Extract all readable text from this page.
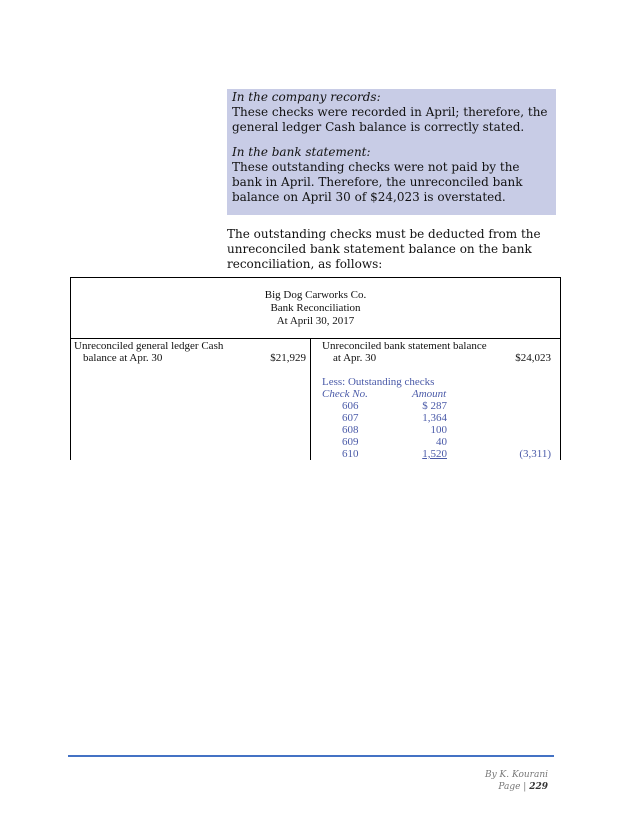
In the company records:

These checks were recorded in April; therefore, the general ledger Cash balance is correctly stated.

In the bank statement:

These outstanding checks were not paid by the bank in April. Therefore, the unreconciled bank balance on April 30 of $24,023 is overstated.

The outstanding checks must be deducted from the unreconciled bank statement balance on the bank reconciliation, as follows:

Big Dog Carworks Co.
Bank Reconciliation
At April 30, 2017
Unreconciled general ledger Cash
balance at Apr. 30	$21,929
Unreconciled bank statement balance
at Apr. 30	$24,023
Less: Outstanding checks
Check No.	Amount
606	$ 287
607	1,364
608	100
609	40
610	1,520	(3,311)
By K. Kourani
Page | 229
